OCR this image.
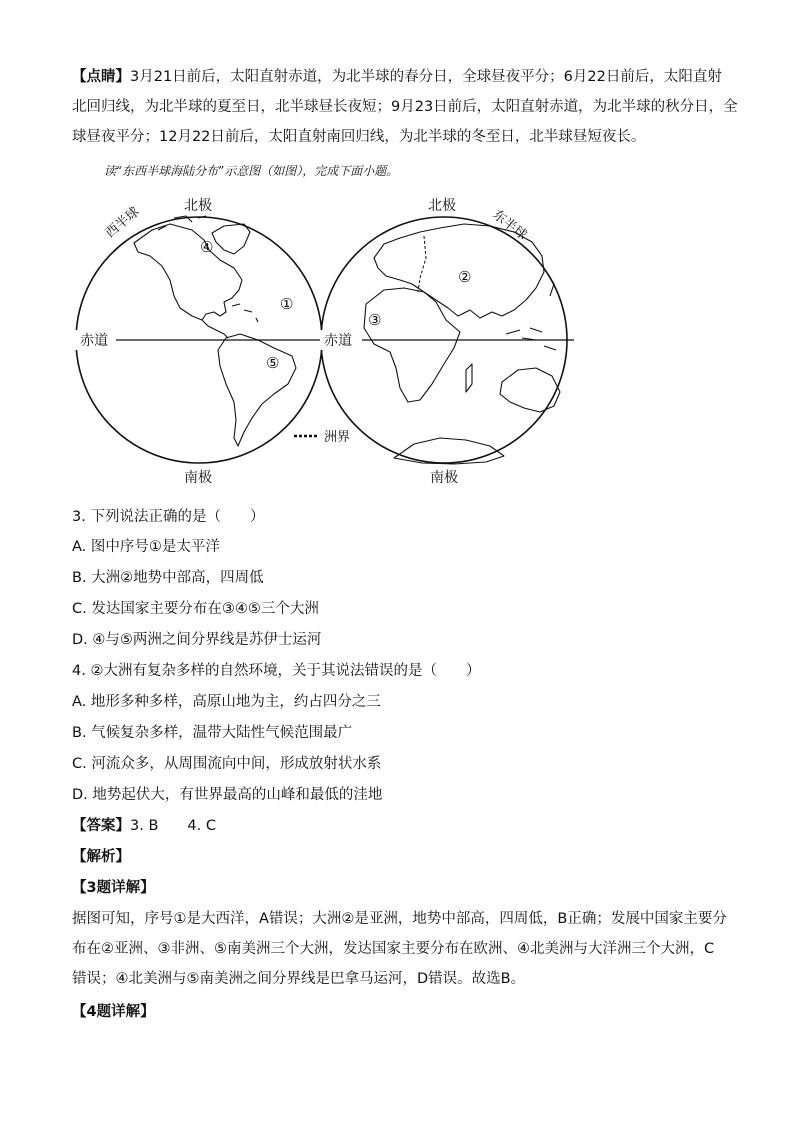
【点睛】3月21日前后，太阳直射赤道，为北半球的春分日，全球昼夜平分；6月22日前后，太阳直射
北回归线，为北半球的夏至日，北半球昼长夜短；9月23日前后，太阳直射赤道，为北半球的秋分日，全
球昼夜平分；12月22日前后，太阳直射南回归线，为北半球的冬至日，北半球昼短夜长。
读“东西半球海陆分布”示意图（如图），完成下面小题。
①
②
③
④
⑤
北极	北极
南极	南极
西半球	东半球
赤道	赤道
洲界
3. 下列说法正确的是（　　）
A. 图中序号①是太平洋
B. 大洲②地势中部高，四周低
C. 发达国家主要分布在③④⑤三个大洲
D. ④与⑤两洲之间分界线是苏伊士运河
4. ②大洲有复杂多样的自然环境，关于其说法错误的是（　　）
A. 地形多种多样，高原山地为主，约占四分之三
B. 气候复杂多样，温带大陆性气候范围最广
C. 河流众多，从周围流向中间，形成放射状水系
D. 地势起伏大，有世界最高的山峰和最低的洼地
【答案】3. B　　4. C
【解析】
【3题详解】
据图可知，序号①是大西洋，A错误；大洲②是亚洲，地势中部高，四周低，B正确；发展中国家主要分
布在②亚洲、③非洲、⑤南美洲三个大洲，发达国家主要分布在欧洲、④北美洲与大洋洲三个大洲，C
错误；④北美洲与⑤南美洲之间分界线是巴拿马运河，D错误。故选B。
【4题详解】
